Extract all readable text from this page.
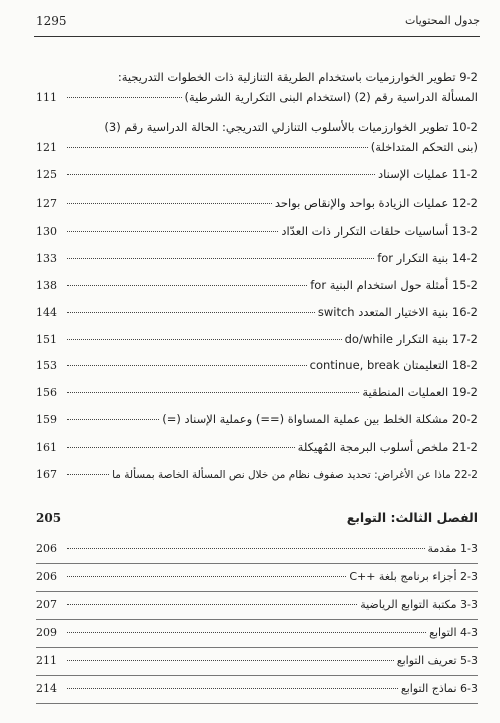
1295	جدول المحتويات
9-2 تطوير الخوارزميات باستخدام الطريقة التنازلية ذات الخطوات التدريجية:
المسألة الدراسية رقم (2) (استخدام البنى التكرارية الشرطية)
111
10-2 تطوير الخوارزميات بالأسلوب التنازلي التدريجي: الحالة الدراسية رقم (3)
(بنى التحكم المتداخلة)
121
11-2 عمليات الإسناد
125
12-2 عمليات الزيادة بواحد والإنقاص بواحد
127
13-2 أساسيات حلقات التكرار ذات العدّاد
130
14-2 بنية التكرار for
133
15-2 أمثلة حول استخدام البنية for
138
16-2 بنية الاختيار المتعدد switch
144
17-2 بنية التكرار do/while
151
18-2 التعليمتان continue, break
153
19-2 العمليات المنطقية
156
20-2 مشكلة الخلط بين عملية المساواة (==) وعملية الإسناد (=)
159
21-2 ملخص أسلوب البرمجة المُهيكلة
161
22-2 ماذا عن الأغراض: تحديد صفوف نظام من خلال نص المسألة الخاصة بمسألة ما
167
الفصل الثالث: التوابع
205
1-3 مقدمة
206
2-3 أجزاء برنامج بلغة ++C
206
3-3 مكتبة التوابع الرياضية
207
4-3 التوابع
209
5-3 تعريف التوابع
211
6-3 نماذج التوابع
214
